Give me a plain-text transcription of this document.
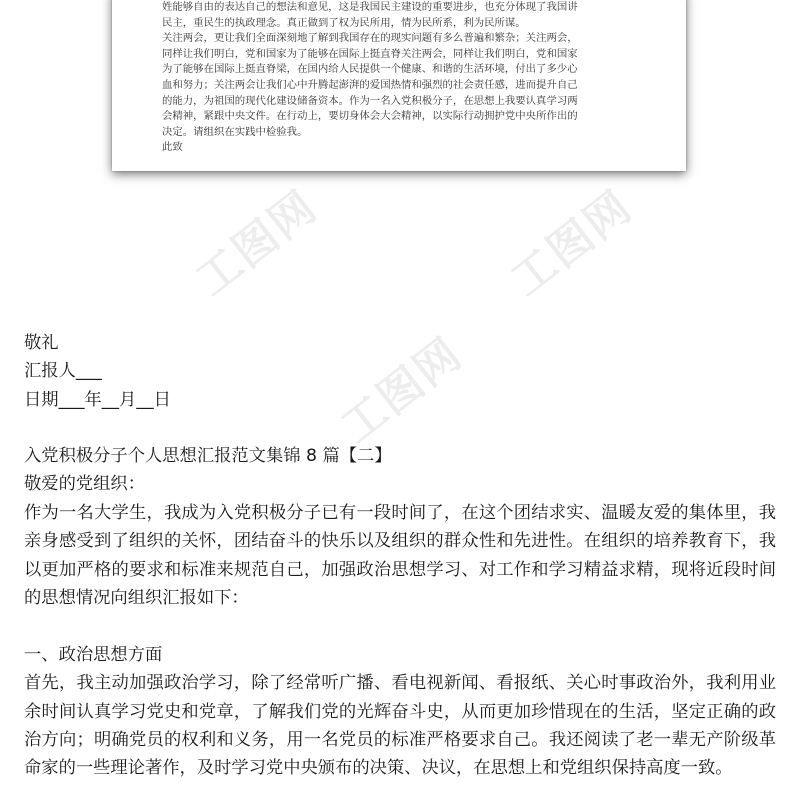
姓能够自由的表达自己的想法和意见，这是我国民主建设的重要进步，也充分体现了我国讲

民主，重民生的执政理念。真正做到了权为民所用，情为民所系，利为民所谋。

关注两会，更让我们全面深刻地了解到我国存在的现实问题有多么普遍和繁杂；关注两会，

同样让我们明白，党和国家为了能够在国际上挺直脊关注两会，同样让我们明白，党和国家

为了能够在国际上挺直脊梁，在国内给人民提供一个健康、和谐的生活环境，付出了多少心

血和努力；关注两会让我们心中升腾起澎湃的爱国热情和强烈的社会责任感，进而提升自己

的能力，为祖国的现代化建设储备资本。作为一名入党积极分子，在思想上我要认真学习两

会精神，紧跟中央文件。在行动上，要切身体会大会精神，以实际行动拥护党中央所作出的

决定。请组织在实践中检验我。

此致

工图网	工图网
工图网

敬礼

汇报人___

日期___年__月__日

入党积极分子个人思想汇报范文集锦 8 篇【二】

敬爱的党组织：

作为一名大学生，我成为入党积极分子已有一段时间了，在这个团结求实、温暖友爱的集体里，我亲身感受到了组织的关怀，团结奋斗的快乐以及组织的群众性和先进性。在组织的培养教育下，我以更加严格的要求和标准来规范自己，加强政治思想学习、对工作和学习精益求精，现将近段时间的思想情况向组织汇报如下：

一、政治思想方面

首先，我主动加强政治学习，除了经常听广播、看电视新闻、看报纸、关心时事政治外，我利用业余时间认真学习党史和党章，了解我们党的光辉奋斗史，从而更加珍惜现在的生活，坚定正确的政治方向；明确党员的权利和义务，用一名党员的标准严格要求自己。我还阅读了老一辈无产阶级革命家的一些理论著作，及时学习党中央颁布的决策、决议，在思想上和党组织保持高度一致。
